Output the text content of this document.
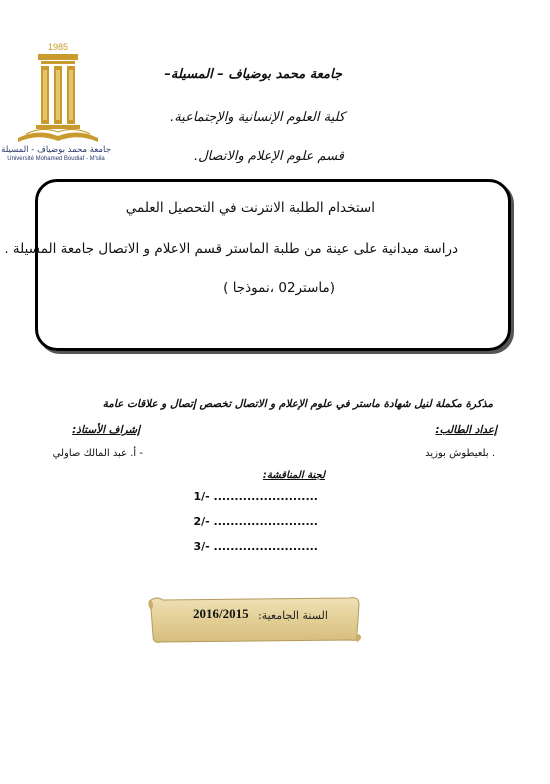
1985
جامعة محمد بوضياف - المسيلة
Université Mohamed Boudiaf - M'sila
جامعة محمد بوضياف – المسيلة–
كلية العلوم الإنسانية والإجتماعية.
قسم علوم الإعلام والاتصال.
استخدام الطلبة الانترنت في التحصيل العلمي
دراسة ميدانية على عينة من طلبة الماستر قسم الاعلام و الاتصال جامعة المسيلة .
(ماستر02 ،نموذجا )
مذكرة مكملة لنيل شهادة ماستر في علوم الإعلام و الاتصال تخصص إتصال و علاقات عامة
إعداد الطالب:
إشراف الأستاذ:
. بلعيطوش بوزيد
- أ. عبد المالك صاولي
لجنة المناقشة:
1/- .........................
2/- .........................
3/- .........................
2016/2015 السنة الجامعية:
